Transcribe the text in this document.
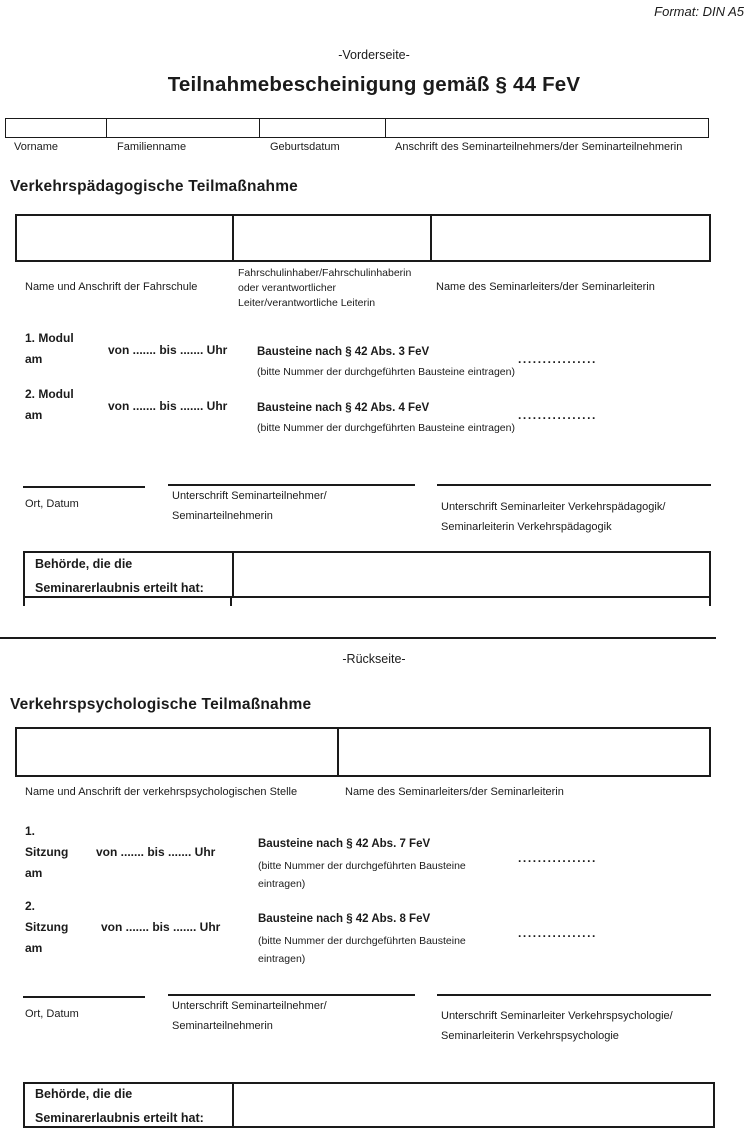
Format: DIN A5
-Vorderseite-
Teilnahmebescheinigung gemäß § 44 FeV
Vorname	Familienname	Geburtsdatum	Anschrift des Seminarteilnehmers/der Seminarteilnehmerin
Verkehrspädagogische Teilmaßnahme
Fahrschulinhaber/Fahrschulinhaberin
oder verantwortlicher
Leiter/verantwortliche Leiterin
Name und Anschrift der Fahrschule	Name des Seminarleiters/der Seminarleiterin
1. Modul
am
von ....... bis ....... Uhr	Bausteine nach § 42 Abs. 3 FeV
(bitte Nummer der durchgeführten Bausteine eintragen)
................
2. Modul
am
von ....... bis ....... Uhr	Bausteine nach § 42 Abs. 4 FeV
(bitte Nummer der durchgeführten Bausteine eintragen)
................
Ort, Datum
Unterschrift Seminarteilnehmer/
Seminarteilnehmerin
Unterschrift Seminarleiter Verkehrspädagogik/
Seminarleiterin Verkehrspädagogik
Behörde, die die
Seminarerlaubnis erteilt hat:
-Rückseite-
Verkehrspsychologische Teilmaßnahme
Name und Anschrift der verkehrspsychologischen Stelle	Name des Seminarleiters/der Seminarleiterin
1.
Sitzung
am
von ....... bis ....... Uhr
Bausteine nach § 42 Abs. 7 FeV
(bitte Nummer der durchgeführten Bausteine eintragen)
................
2.
Sitzung
am
von ....... bis ....... Uhr
Bausteine nach § 42 Abs. 8 FeV
(bitte Nummer der durchgeführten Bausteine eintragen)
................
Ort, Datum
Unterschrift Seminarteilnehmer/
Seminarteilnehmerin
Unterschrift Seminarleiter Verkehrspsychologie/
Seminarleiterin Verkehrspsychologie
Behörde, die die
Seminarerlaubnis erteilt hat:
